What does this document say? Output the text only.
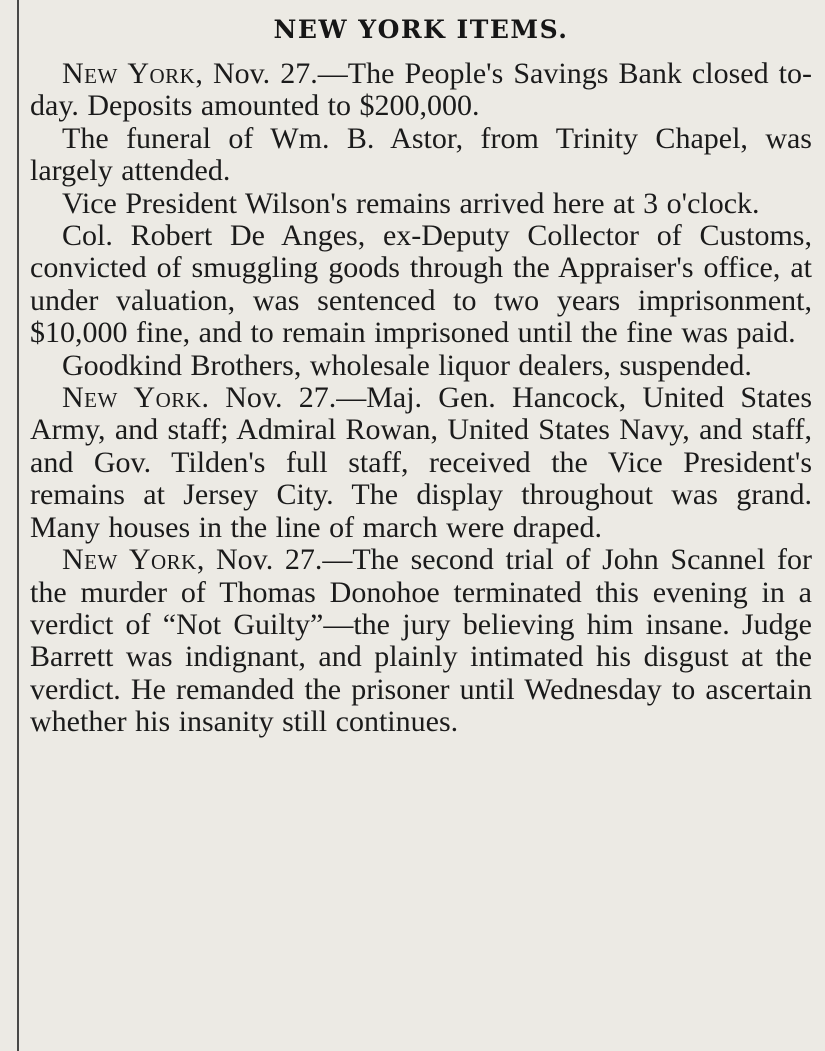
NEW YORK ITEMS.

New York, Nov. 27.—The People's Savings Bank closed to-day. Deposits amounted to $200,000.

The funeral of Wm. B. Astor, from Trinity Chapel, was largely attended.

Vice President Wilson's remains arrived here at 3 o'clock.

Col. Robert De Anges, ex-Deputy Collector of Customs, convicted of smuggling goods through the Appraiser's office, at under valuation, was sentenced to two years imprisonment, $10,000 fine, and to remain imprisoned until the fine was paid.

Goodkind Brothers, wholesale liquor dealers, suspended.

New York. Nov. 27.—Maj. Gen. Hancock, United States Army, and staff; Admiral Rowan, United States Navy, and staff, and Gov. Tilden's full staff, received the Vice President's remains at Jersey City. The display throughout was grand. Many houses in the line of march were draped.

New York, Nov. 27.—The second trial of John Scannel for the murder of Thomas Donohoe terminated this evening in a verdict of “Not Guilty”—the jury believing him insane. Judge Barrett was indignant, and plainly intimated his disgust at the verdict. He remanded the prisoner until Wednesday to ascertain whether his insanity still continues.
